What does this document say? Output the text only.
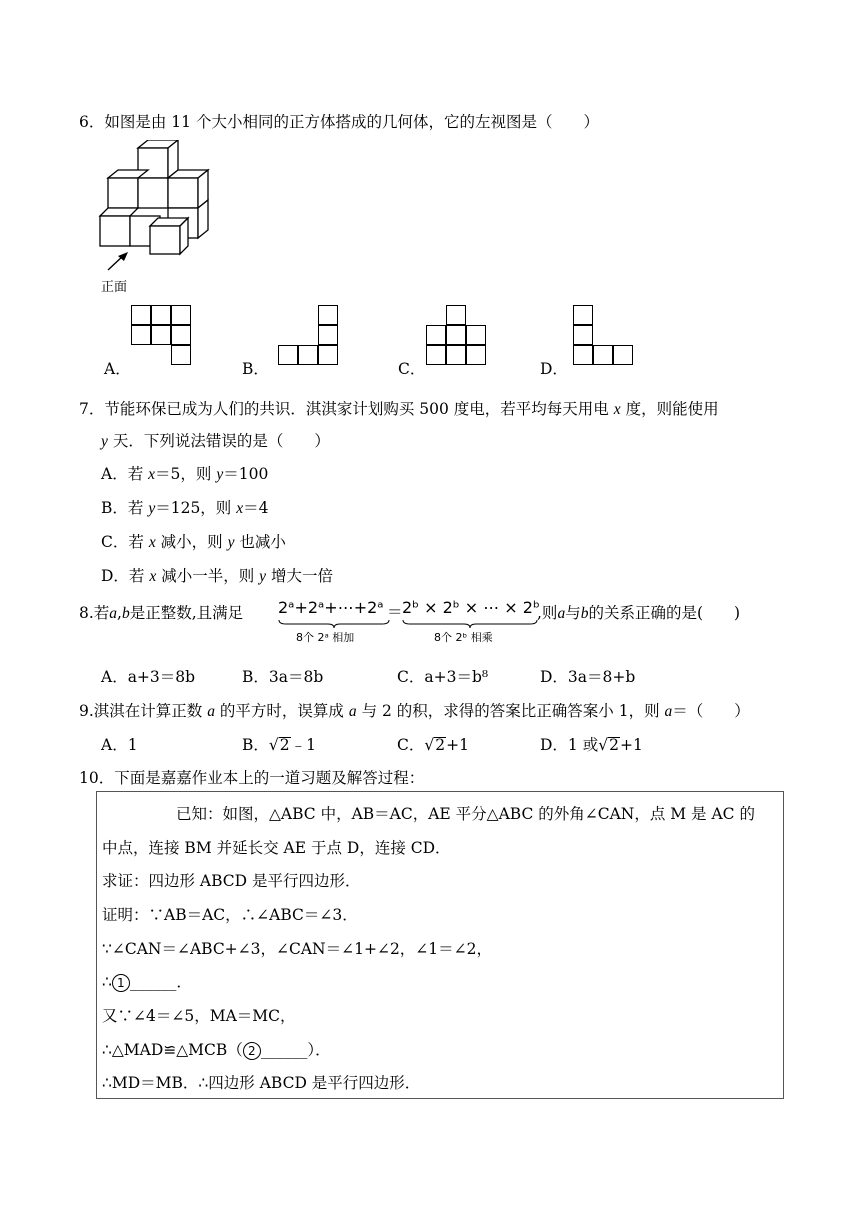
6．如图是由 11 个大小相同的正方体搭成的几何体，它的左视图是（　　）
正面
A．	B．	C．	D．
7．节能环保已成为人们的共识．淇淇家计划购买 500 度电，若平均每天用电 x 度，则能使用
y 天．下列说法错误的是（　　）
A．若 x＝5，则 y＝100
B．若 y＝125，则 x＝4
C．若 x 减小，则 y 也减小
D．若 x 减小一半，则 y 增大一倍
8.若a,b是正整数,且满足 2ᵃ+2ᵃ+⋯+2ᵃ
8个 2ᵃ 相加
＝ 2ᵇ × 2ᵇ × ⋯ × 2ᵇ
8个 2ᵇ 相乘
,则a与b的关系正确的是(　　)
A．a+3＝8b	B．3a＝8b	C．a+3＝b⁸	D．3a＝8+b
9.淇淇在计算正数 a 的平方时，误算成 a 与 2 的积，求得的答案比正确答案小 1，则 a＝（　　）
A．1	B．√2﹣1	C．√2+1	D．1 或√2+1
10．下面是嘉嘉作业本上的一道习题及解答过程：
已知：如图，△ABC 中，AB＝AC，AE 平分△ABC 的外角∠CAN，点 M 是 AC 的
中点，连接 BM 并延长交 AE 于点 D，连接 CD．
求证：四边形 ABCD 是平行四边形．
证明：∵AB＝AC，∴∠ABC＝∠3．
∵∠CAN＝∠ABC+∠3，∠CAN＝∠1+∠2，∠1＝∠2，
∴ 1 ______．
又∵∠4＝∠5，MA＝MC，
∴△MAD≌△MCB（ 2 ______）．
∴MD＝MB．∴四边形 ABCD 是平行四边形．
